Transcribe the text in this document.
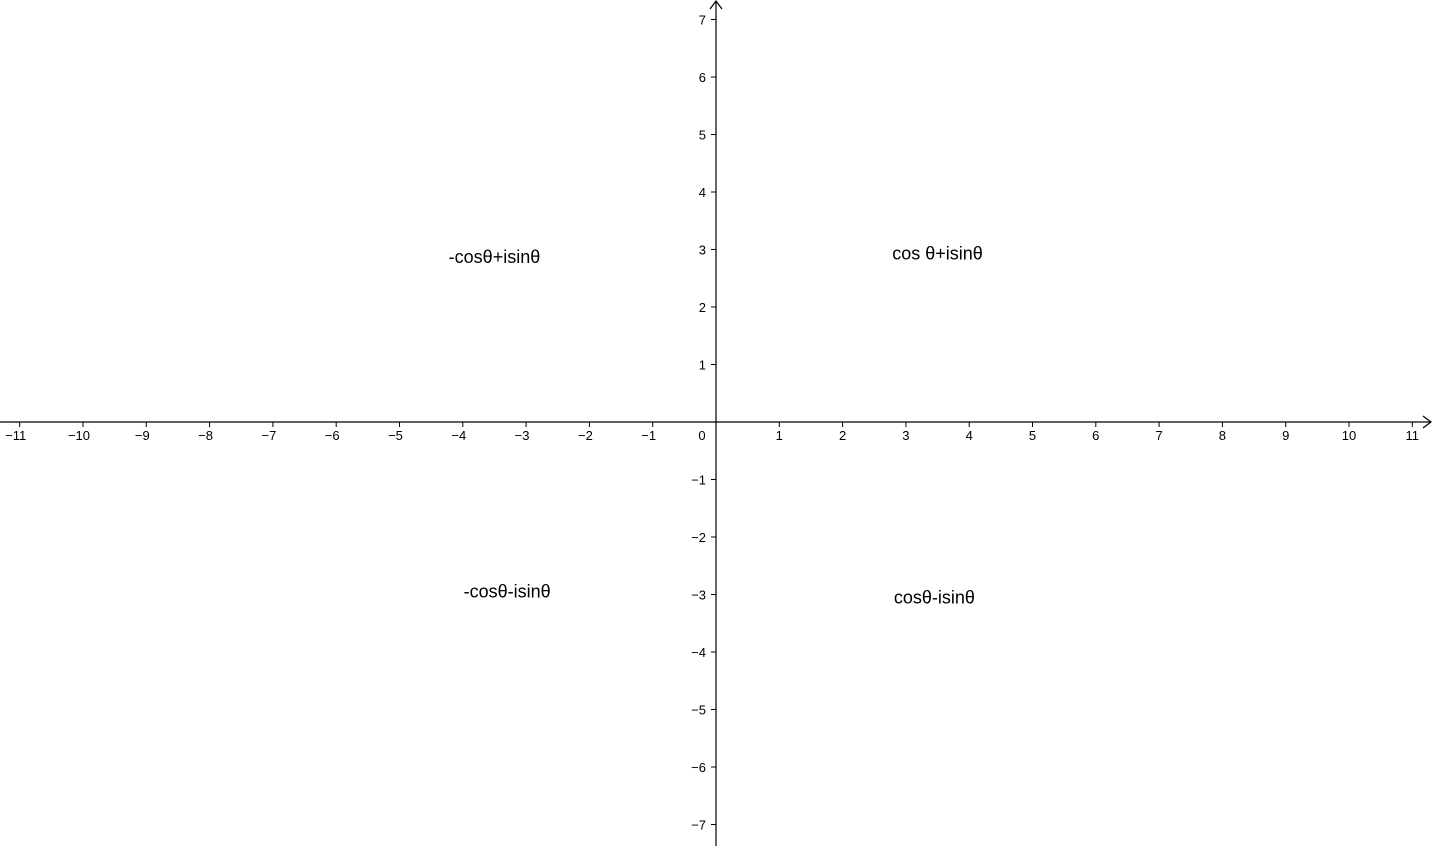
−11	−10	−9	−8	−7	−6	−5	−4	−3	−2	−1	1	2	3	4	5	6	7	8	9	10	11
7
6
5
4
3
2
1
−1
−2
−3
−4
−5
−6
−7
0
cos θ+isinθ
-cosθ+isinθ
-cosθ-isinθ	cosθ-isinθ
